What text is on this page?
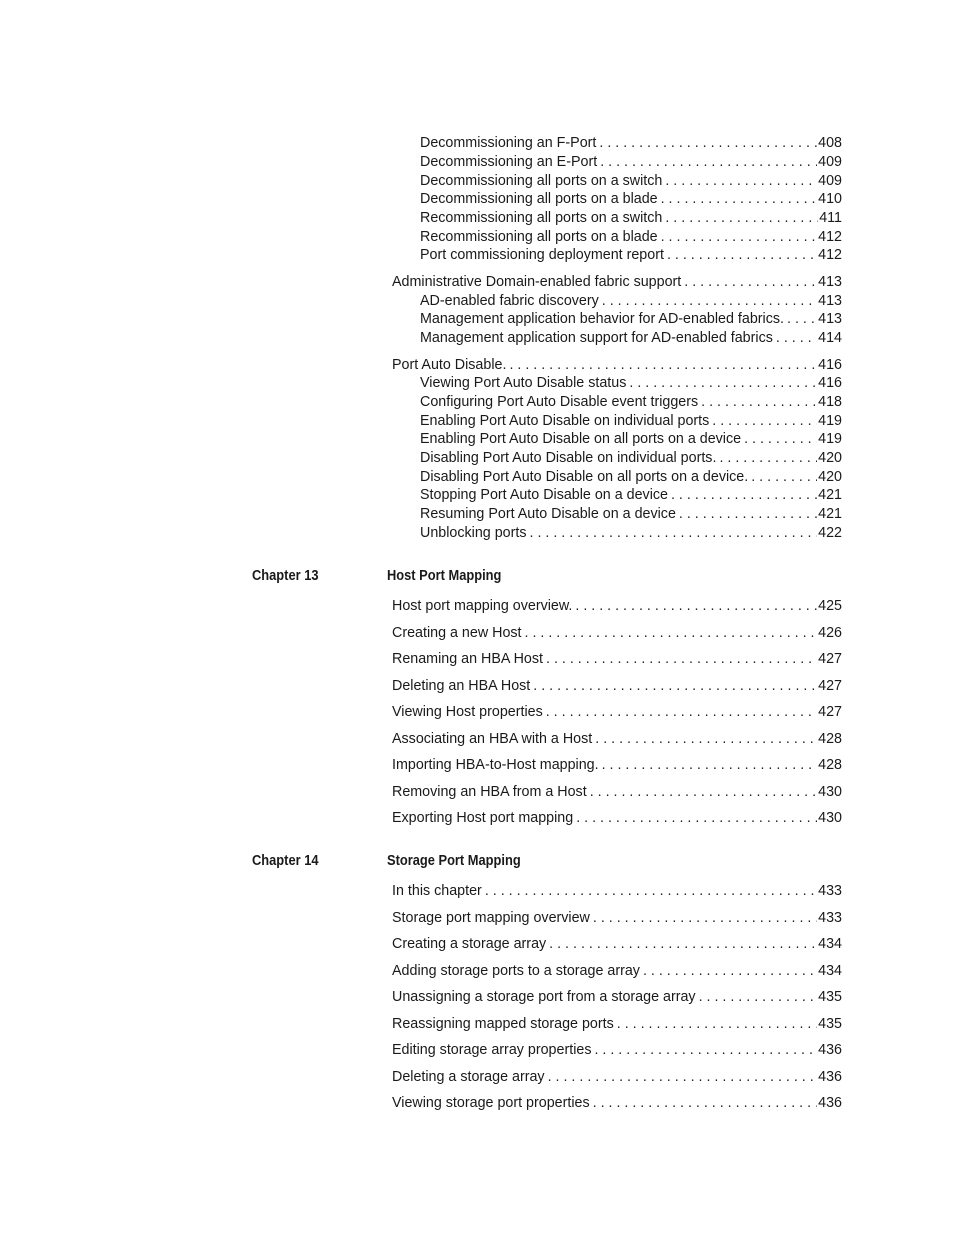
Decommissioning an F-Port . . .	408
Decommissioning an E-Port . . .	409
Decommissioning all ports on a switch . . .	409
Decommissioning all ports on a blade . . .	410
Recommissioning all ports on a switch . . .	411
Recommissioning all ports on a blade . . .	412
Port commissioning deployment report . . .	412
Administrative Domain-enabled fabric support . . .	413
AD-enabled fabric discovery . . .	413
Management application behavior for AD-enabled fabrics. . . . 413
Management application support for AD-enabled fabrics . . .	414
Port Auto Disable. . . .	416
Viewing Port Auto Disable status . . .	416
Configuring Port Auto Disable event triggers . . .	418
Enabling Port Auto Disable on individual ports . . .	419
Enabling Port Auto Disable on all ports on a device . . .	419
Disabling Port Auto Disable on individual ports. . . .	420
Disabling Port Auto Disable on all ports on a device. . . .	420
Stopping Port Auto Disable on a device . . .	421
Resuming Port Auto Disable on a device . . .	421
Unblocking ports . . .	422
Chapter 13	Host Port Mapping
Host port mapping overview. . . .	425
Creating a new Host . . .	426
Renaming an HBA Host . . .	427
Deleting an HBA Host . . .	427
Viewing Host properties . . .	427
Associating an HBA with a Host . . .	428
Importing HBA-to-Host mapping. . . .	428
Removing an HBA from a Host . . .	430
Exporting Host port mapping . . .	430
Chapter 14	Storage Port Mapping
In this chapter . . .	433
Storage port mapping overview . . .	433
Creating a storage array . . .	434
Adding storage ports to a storage array . . .	434
Unassigning a storage port from a storage array . . .	435
Reassigning mapped storage ports . . .	435
Editing storage array properties . . .	436
Deleting a storage array . . .	436
Viewing storage port properties . . .	436
